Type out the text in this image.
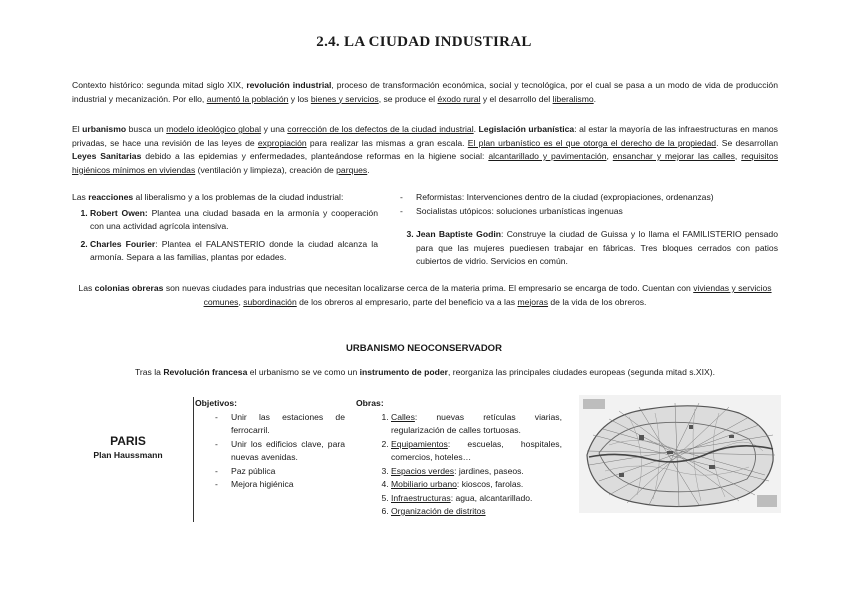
2.4. LA CIUDAD INDUSTIRAL

Contexto histórico: segunda mitad siglo XIX, revolución industrial, proceso de transformación económica, social y tecnológica, por el cual se pasa a un modo de vida de producción industrial y mecanización. Por ello, aumentó la población y los bienes y servicios, se produce el éxodo rural y el desarrollo del liberalismo.

El urbanismo busca un modelo ideológico global y una corrección de los defectos de la ciudad industrial. Legislación urbanística: al estar la mayoría de las infraestructuras en manos privadas, se hace una revisión de las leyes de expropiación para realizar las mismas a gran escala. El plan urbanístico es el que otorga el derecho de la propiedad. Se desarrollan Leyes Sanitarias debido a las epidemias y enfermedades, planteándose reformas en la higiene social: alcantarillado y pavimentación, ensanchar y mejorar las calles, requisitos higiénicos mínimos en viviendas (ventilación y limpieza), creación de parques.

Las reacciones al liberalismo y a los problemas de la ciudad industrial:
1. Robert Owen: Plantea una ciudad basada en la armonía y cooperación con una actividad agrícola intensiva.
2. Charles Fourier: Plantea el FALANSTERIO donde la ciudad alcanza la armonía. Separa a las familias, plantas por edades.
- Reformistas: Intervenciones dentro de la ciudad (expropiaciones, ordenanzas)
- Socialistas utópicos: soluciones urbanísticas ingenuas
3. Jean Baptiste Godin: Construye la ciudad de Guissa y lo llama el FAMILISTERIO pensado para que las mujeres puediesen trabajar en fábricas. Tres bloques cerrados con patios cubiertos de vidrio. Servicios en común.

Las colonias obreras son nuevas ciudades para industrias que necesitan localizarse cerca de la materia prima. El empresario se encarga de todo. Cuentan con viviendas y servicios comunes, subordinación de los obreros al empresario, parte del beneficio va a las mejoras de la vida de los obreros.

URBANISMO NEOCONSERVADOR

Tras la Revolución francesa el urbanismo se ve como un instrumento de poder, reorganiza las principales ciudades europeas (segunda mitad s.XIX).

PARIS
Plan Haussmann
Objetivos:
- Unir las estaciones de ferrocarril.
- Unir los edificios clave, para nuevas avenidas.
- Paz pública
- Mejora higiénica
Obras:
1. Calles: nuevas retículas viarias, regularización de calles tortuosas.
2. Equipamientos: escuelas, hospitales, comercios, hoteles…
3. Espacios verdes: jardines, paseos.
4. Mobiliario urbano: kioscos, farolas.
5. Infraestructuras: agua, alcantarillado.
6. Organización de distritos
